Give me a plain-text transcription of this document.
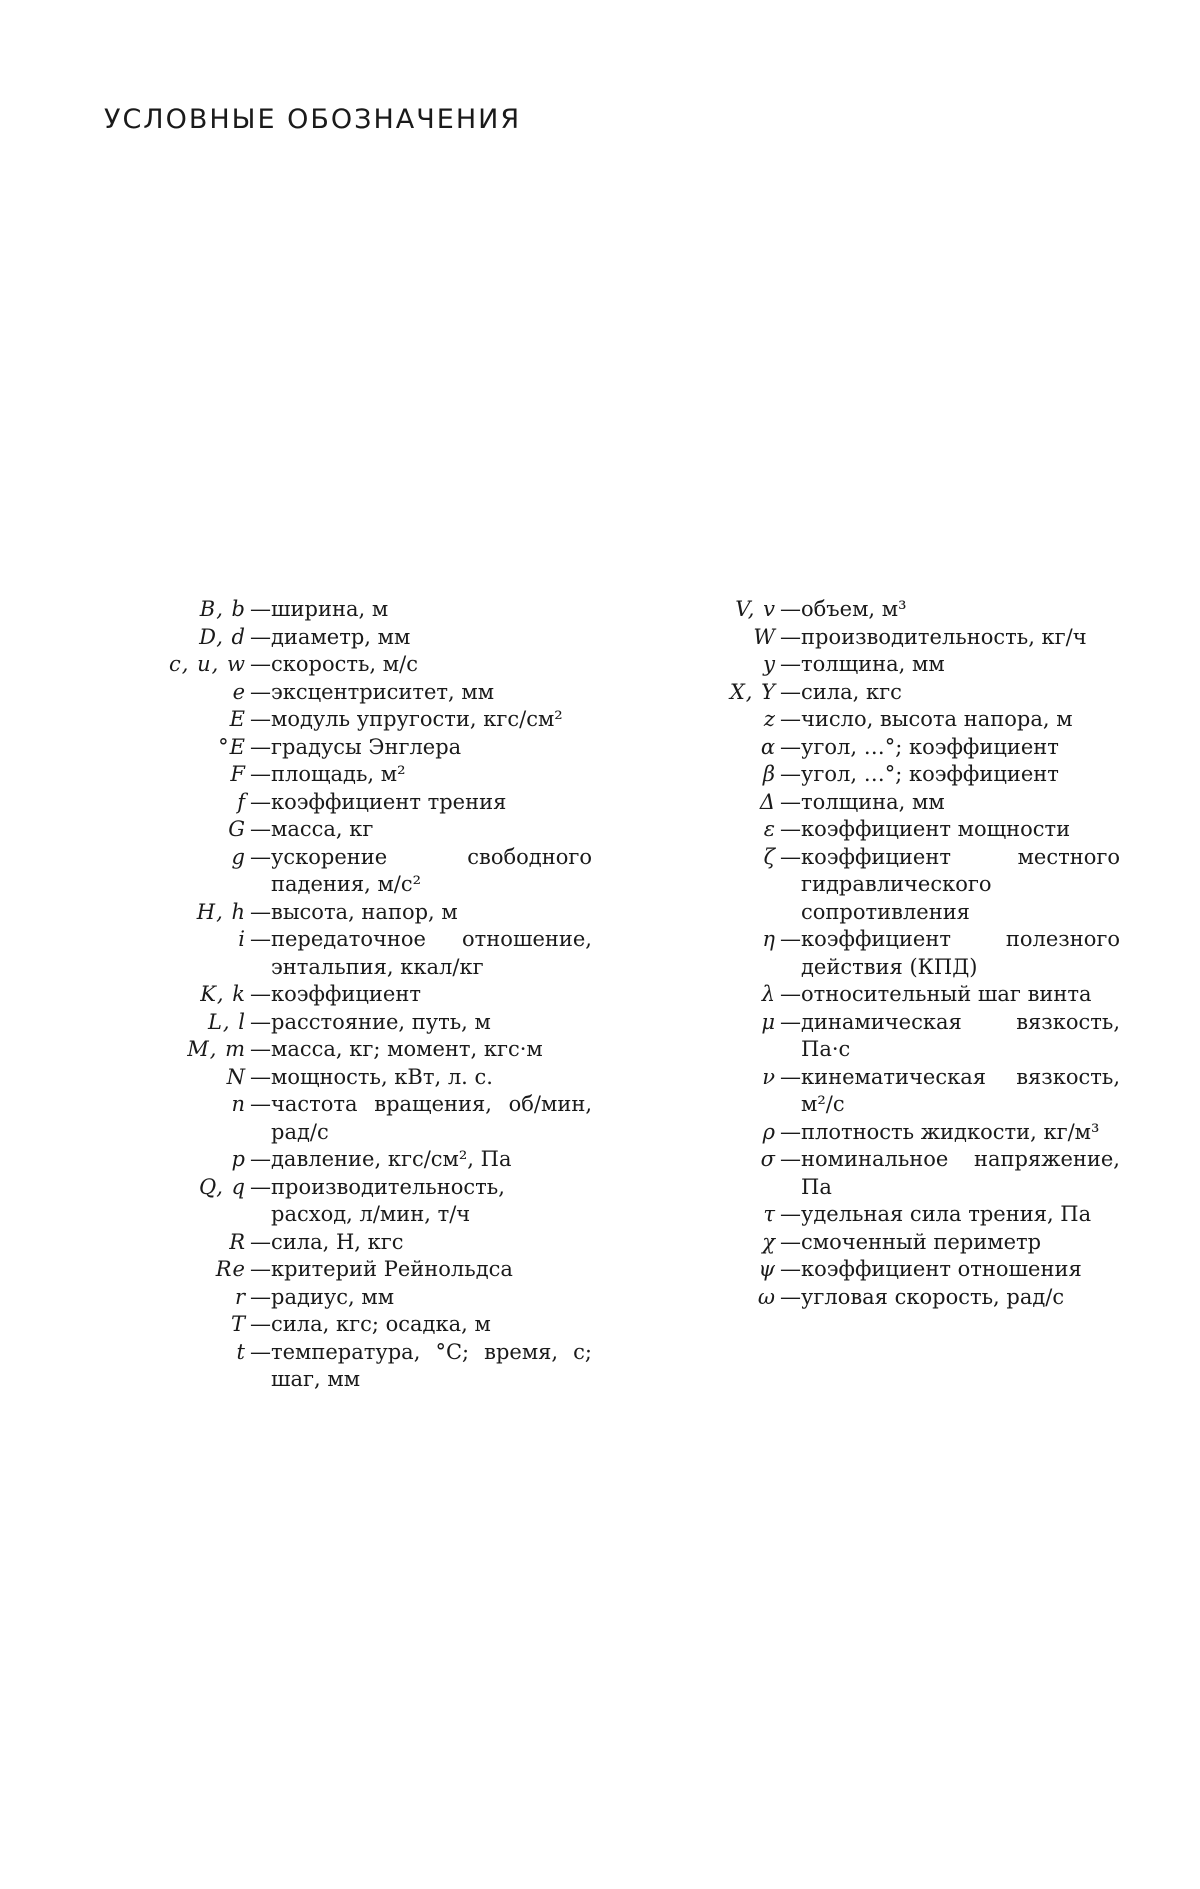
УСЛОВНЫЕ ОБОЗНАЧЕНИЯ
B, b — ширина, м
D, d — диаметр, мм
c, u, w — скорость, м/с
e — эксцентриситет, мм
E — модуль упругости, кгс/см²
°E — градусы Энглера
F — площадь, м²
f — коэффициент трения
G — масса, кг
g — ускорение свободного падения, м/с²
H, h — высота, напор, м
i — передаточное отношение, энтальпия, ккал/кг
K, k — коэффициент
L, l — расстояние, путь, м
M, m — масса, кг; момент, кгс·м
N — мощность, кВт, л. с.
n — частота вращения, об/мин, рад/с
p — давление, кгс/см², Па
Q, q — производительность, расход, л/мин, т/ч
R — сила, Н, кгс
Re — критерий Рейнольдса
r — радиус, мм
T — сила, кгс; осадка, м
t — температура, °С; время, с; шаг, мм
V, v — объем, м³
W — производительность, кг/ч
y — толщина, мм
X, Y — сила, кгс
z — число, высота напора, м
α — угол, …°; коэффициент
β — угол, …°; коэффициент
Δ — толщина, мм
ε — коэффициент мощности
ζ — коэффициент местного гидравлического сопротивления
η — коэффициент полезного действия (КПД)
λ — относительный шаг винта
μ — динамическая вязкость, Па·с
ν — кинематическая вязкость, м²/с
ρ — плотность жидкости, кг/м³
σ — номинальное напряжение, Па
τ — удельная сила трения, Па
χ — смоченный периметр
ψ — коэффициент отношения
ω — угловая скорость, рад/с
